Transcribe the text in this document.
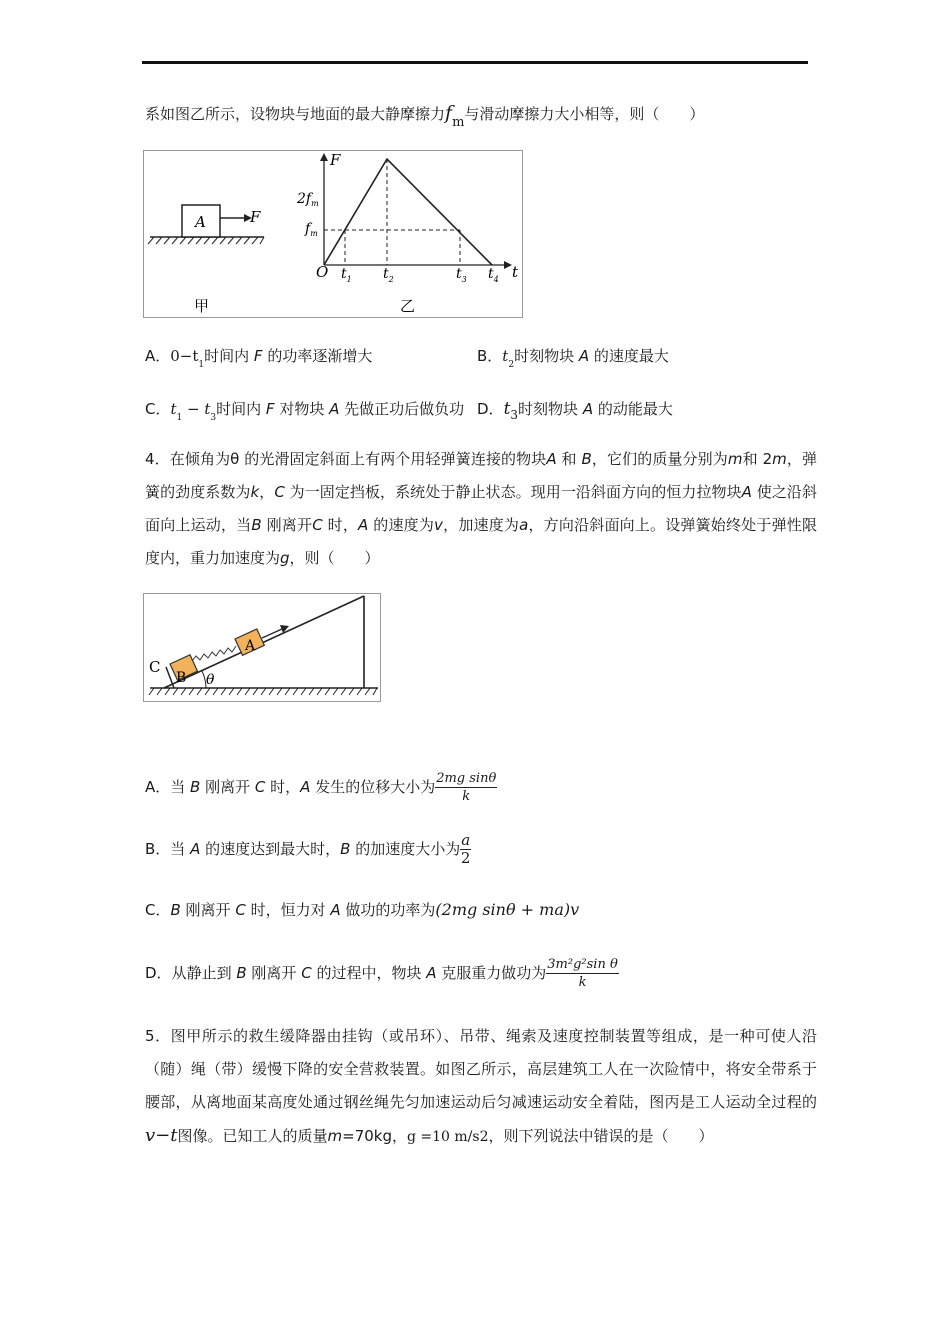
系如图乙所示，设物块与地面的最大静摩擦力fm与滑动摩擦力大小相等，则（　　）
A	F
甲
F
t
O
$2f_m$
$f_m$
$t_1$ $t_2$	$t_3$ $t_4$
乙
A．$0-t_1$时间内 F 的功率逐渐增大	B．$t_2$时刻物块 A 的速度最大
C．$t_1 - t_3$时间内 F 对物块 A 先做正功后做负功 D．$t_3$时刻物块 A 的动能最大
4．在倾角为θ 的光滑固定斜面上有两个用轻弹簧连接的物块A 和 B，它们的质量分别为m和 2m，弹簧的劲度系数为k，C 为一固定挡板，系统处于静止状态。现用一沿斜面方向的恒力拉物块A 使之沿斜面向上运动，当B 刚离开C 时，A 的速度为v，加速度为a，方向沿斜面向上。设弹簧始终处于弹性限度内，重力加速度为g，则（　　）
C
B
A
θ
A．当 B 刚离开 C 时，A 发生的位移大小为 $\frac{\text{2mg sinθ}}{k}$
B．当 A 的速度达到最大时，B 的加速度大小为 $\frac{a}{2}$
C．B 刚离开 C 时，恒力对 A 做功的功率为(2mg sinθ + ma)v
D．从静止到 B 刚离开 C 的过程中，物块 A 克服重力做功为 $\frac{\text{3m²g²sin θ}}{k}$
5．图甲所示的救生缓降器由挂钩（或吊环）、吊带、绳索及速度控制装置等组成，是一种可使人沿（随）绳（带）缓慢下降的安全营救装置。如图乙所示，高层建筑工人在一次险情中，将安全带系于腰部，从离地面某高度处通过钢丝绳先匀加速运动后匀减速运动安全着陆，图丙是工人运动全过程的v−t图像。已知工人的质量m=70kg，g =10 m/s2，则下列说法中错误的是（　　）
